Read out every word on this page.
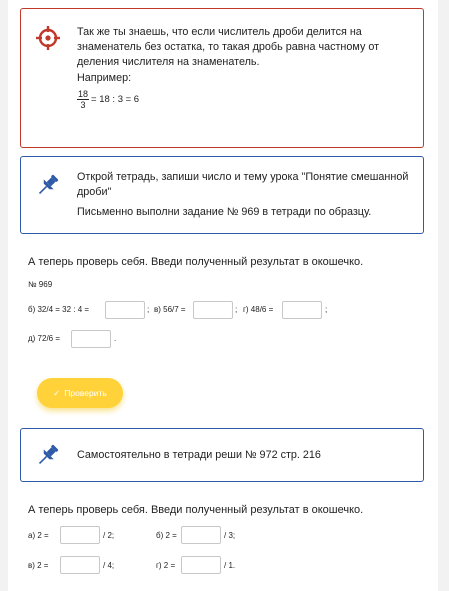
Так же ты знаешь, что если числитель дроби делится на знаменатель без остатка, то такая дробь равна частному от деления числителя на знаменатель.
Например:
$\frac{18}{3} = 18$ : 3 = 6
Открой тетрадь, запиши число и тему урока "Понятие смешанной дроби"
Письменно выполни задание № 969 в тетради по образцу.
А теперь проверь себя. Введи полученный результат в окошечко.
№ 969
б) 32/4 = 32 : 4 =	; в) 56/7 =	; г) 48/6 =	;
д) 72/6 =	.
✓ Проверить
Самостоятельно в тетради реши № 972 стр. 216
А теперь проверь себя. Введи полученный результат в окошечко.
а) 2 =	/ 2;	б) 2 =	/ 3;
в) 2 =	/ 4;	г) 2 =	/ 1.
